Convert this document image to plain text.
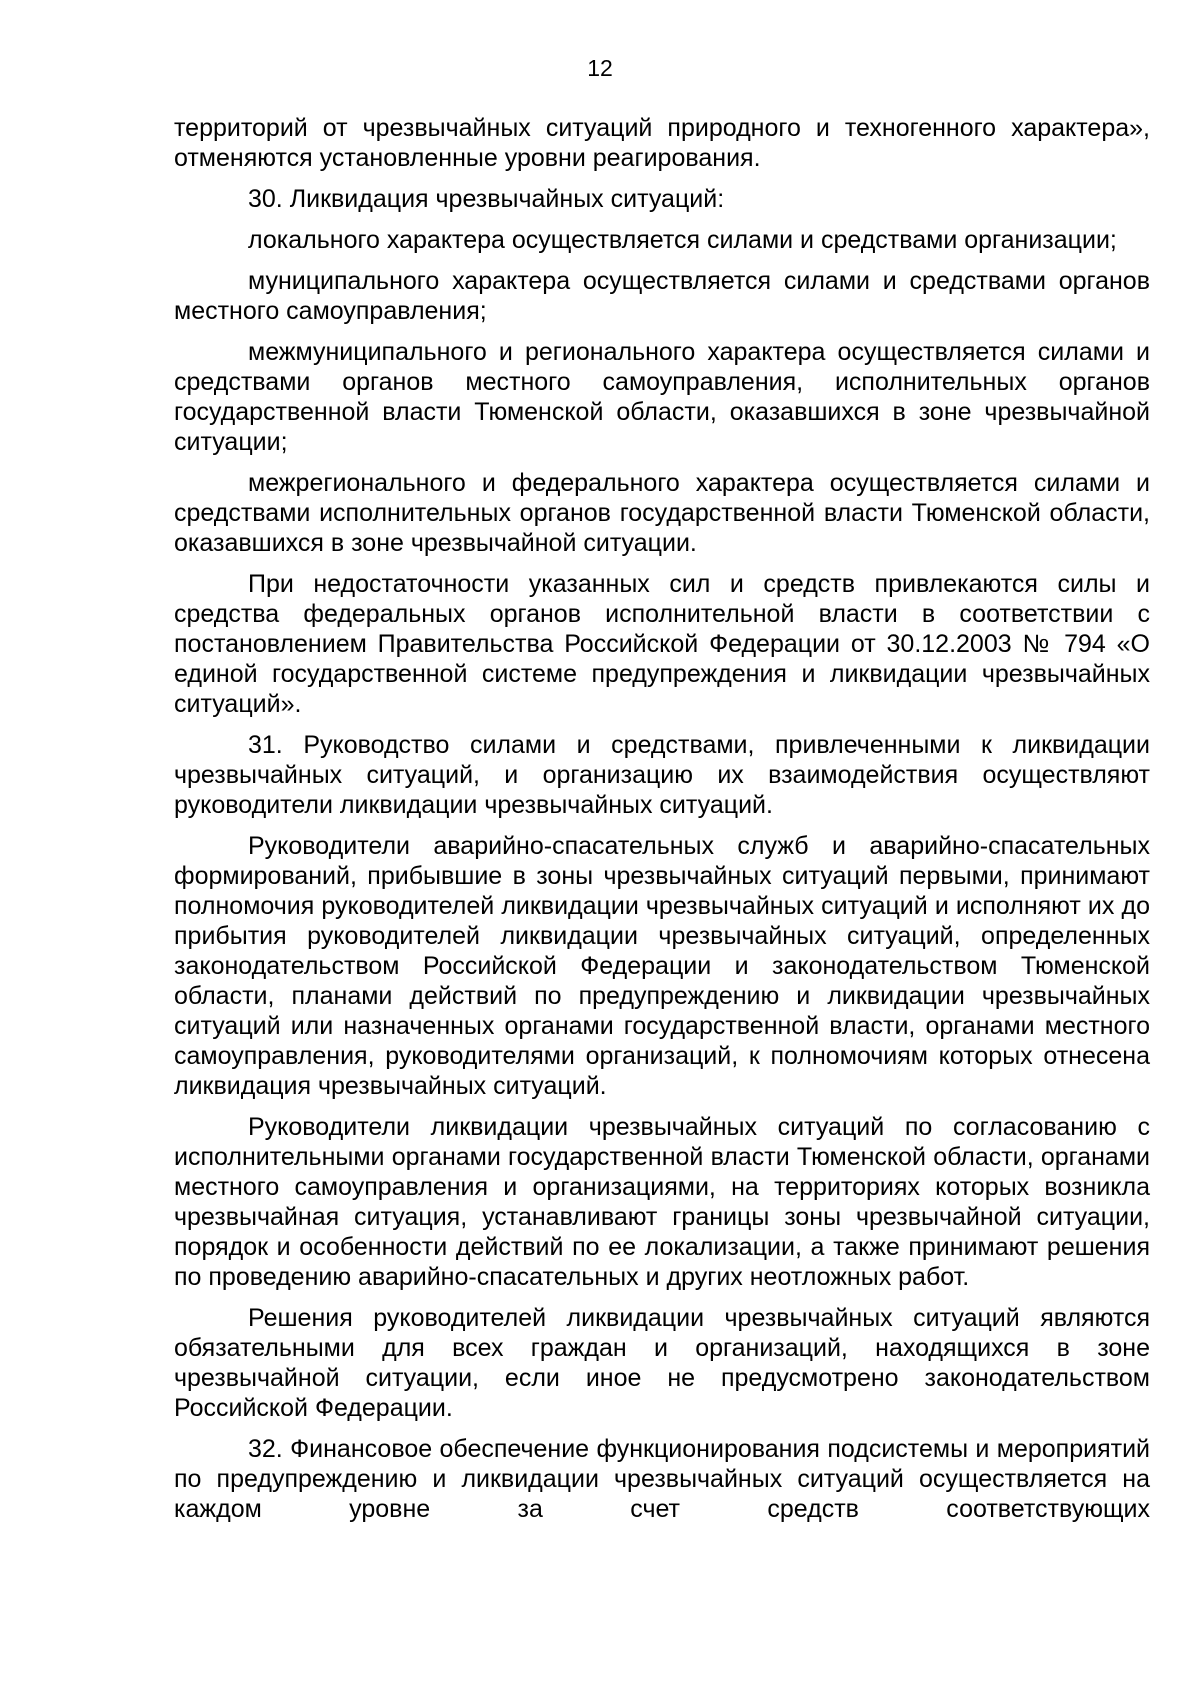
12

территорий от чрезвычайных ситуаций природного и техногенного характера», отменяются установленные уровни реагирования.

30. Ликвидация чрезвычайных ситуаций:

локального характера осуществляется силами и средствами организации;

муниципального характера осуществляется силами и средствами органов местного самоуправления;

межмуниципального и регионального характера осуществляется силами и средствами органов местного самоуправления, исполнительных органов государственной власти Тюменской области, оказавшихся в зоне чрезвычайной ситуации;

межрегионального и федерального характера осуществляется силами и средствами исполнительных органов государственной власти Тюменской области, оказавшихся в зоне чрезвычайной ситуации.

При недостаточности указанных сил и средств привлекаются силы и средства федеральных органов исполнительной власти в соответствии с постановлением Правительства Российской Федерации от 30.12.2003 № 794 «О единой государственной системе предупреждения и ликвидации чрезвычайных ситуаций».

31. Руководство силами и средствами, привлеченными к ликвидации чрезвычайных ситуаций, и организацию их взаимодействия осуществляют руководители ликвидации чрезвычайных ситуаций.

Руководители аварийно-спасательных служб и аварийно-спасательных формирований, прибывшие в зоны чрезвычайных ситуаций первыми, принимают полномочия руководителей ликвидации чрезвычайных ситуаций и исполняют их до прибытия руководителей ликвидации чрезвычайных ситуаций, определенных законодательством Российской Федерации и законодательством Тюменской области, планами действий по предупреждению и ликвидации чрезвычайных ситуаций или назначенных органами государственной власти, органами местного самоуправления, руководителями организаций, к полномочиям которых отнесена ликвидация чрезвычайных ситуаций.

Руководители ликвидации чрезвычайных ситуаций по согласованию с исполнительными органами государственной власти Тюменской области, органами местного самоуправления и организациями, на территориях которых возникла чрезвычайная ситуация, устанавливают границы зоны чрезвычайной ситуации, порядок и особенности действий по ее локализации, а также принимают решения по проведению аварийно-спасательных и других неотложных работ.

Решения руководителей ликвидации чрезвычайных ситуаций являются обязательными для всех граждан и организаций, находящихся в зоне чрезвычайной ситуации, если иное не предусмотрено законодательством Российской Федерации.

32. Финансовое обеспечение функционирования подсистемы и мероприятий по предупреждению и ликвидации чрезвычайных ситуаций осуществляется на каждом уровне за счет средств соответствующих
